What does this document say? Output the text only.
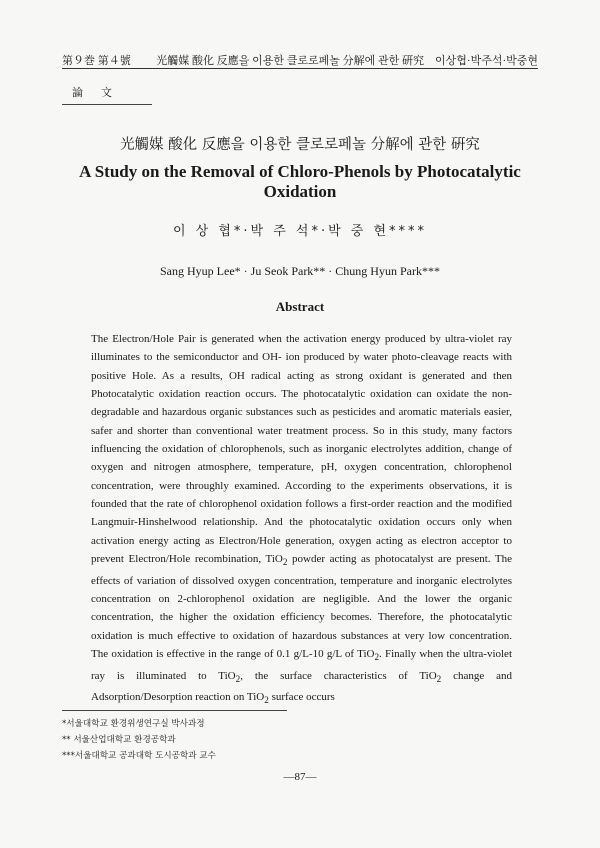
第９巻 第４號 光觸媒 酸化 反應을 이용한 클로로페놀 分解에 관한 硏究　이상협·박주석·박중현
論文
光觸媒 酸化 反應을 이용한 클로로페놀 分解에 관한 硏究
A Study on the Removal of Chloro-Phenols by Photocatalytic Oxidation
이 상 협*·박 주 석*·박 중 현****
Sang Hyup Lee* · Ju Seok Park** · Chung Hyun Park***
Abstract

The Electron/Hole Pair is generated when the activation energy produced by ultra-violet ray illuminates to the semiconductor and OH- ion produced by water photo-cleavage reacts with positive Hole. As a results, OH radical acting as strong oxidant is generated and then Photocatalytic oxidation reaction occurs. The photocatalytic oxidation can oxidate the non-degradable and hazardous organic substances such as pesticides and aromatic materials easier, safer and shorter than conventional water treatment process. So in this study, many factors influencing the oxidation of chlorophenols, such as inorganic electrolytes addition, change of oxygen and nitrogen atmosphere, temperature, pH, oxygen concentration, chlorophenol concentration, were throughly examined. According to the experiments observations, it is founded that the rate of chlorophenol oxidation follows a first-order reaction and the modified Langmuir-Hinshelwood relationship. And the photocatalytic oxidation occurs only when activation energy acting as Electron/Hole generation, oxygen acting as electron acceptor to prevent Electron/Hole recombination, TiO$_2$ powder acting as photocatalyst are present. The effects of variation of dissolved oxygen concentration, temperature and inorganic electrolytes concentration on 2-chlorophenol oxidation are negligible. And the lower the organic concentration, the higher the oxidation efficiency becomes. Therefore, the photocatalytic oxidation is much effective to oxidation of hazardous substances at very low concentration. The oxidation is effective in the range of 0.1 g/L-10 g/L of TiO$_2$. Finally when the ultra-violet ray is illuminated to TiO$_2$, the surface characteristics of TiO$_2$ change and Adsorption/Desorption reaction on TiO$_2$ surface occurs

*서울대학교 환경위생연구실 박사과정
** 서울산업대학교 환경공학과
***서울대학교 공과대학 도시공학과 교수
—87—
